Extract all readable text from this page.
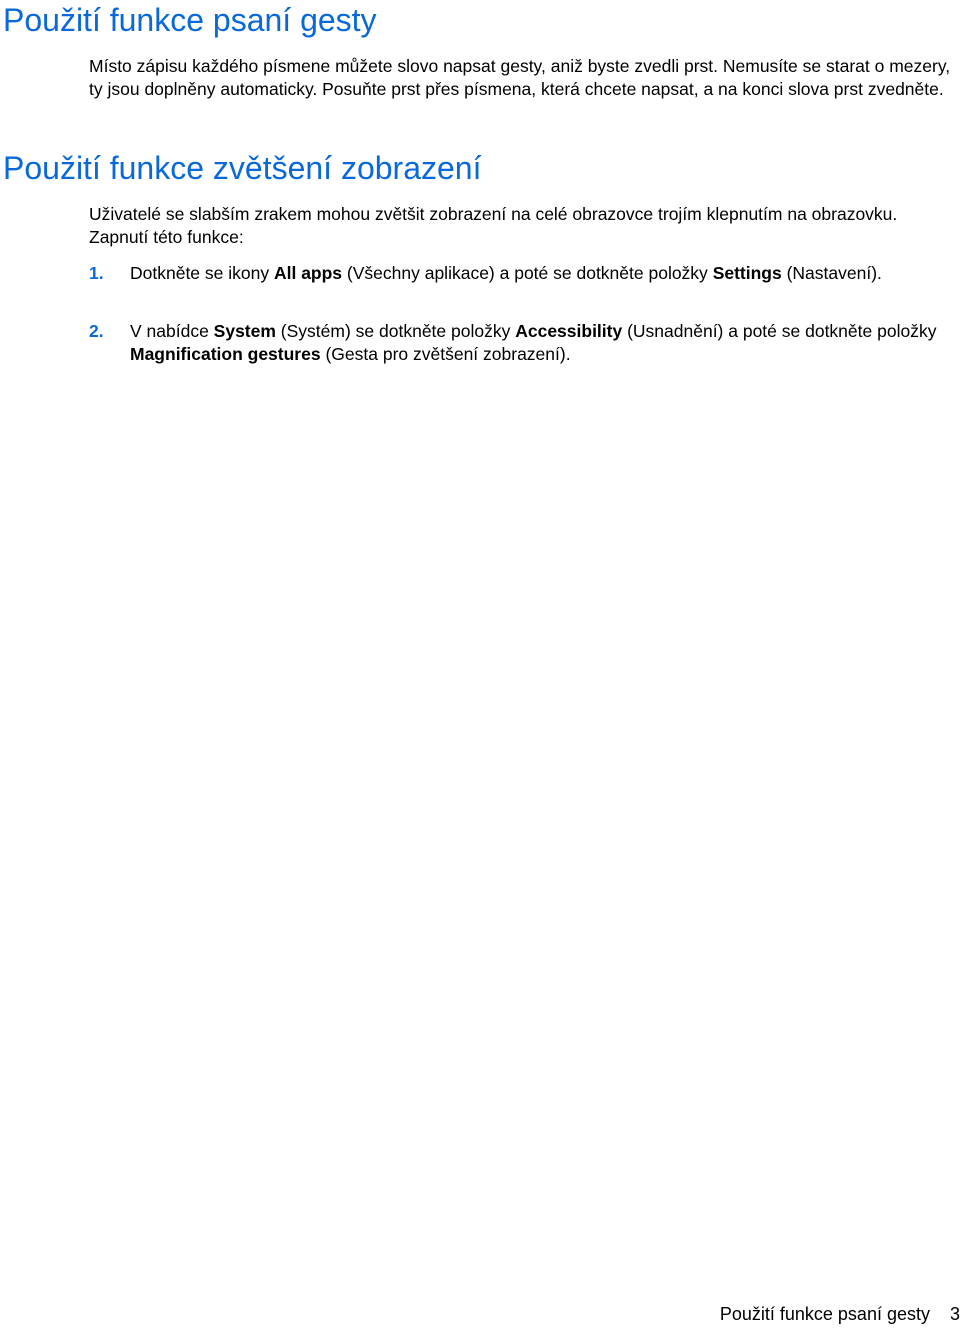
Použití funkce psaní gesty

Místo zápisu každého písmene můžete slovo napsat gesty, aniž byste zvedli prst. Nemusíte se starat o mezery, ty jsou doplněny automaticky. Posuňte prst přes písmena, která chcete napsat, a na konci slova prst zvedněte.

Použití funkce zvětšení zobrazení

Uživatelé se slabším zrakem mohou zvětšit zobrazení na celé obrazovce trojím klepnutím na obrazovku. Zapnutí této funkce:

1. Dotkněte se ikony All apps (Všechny aplikace) a poté se dotkněte položky Settings (Nastavení).
2. V nabídce System (Systém) se dotkněte položky Accessibility (Usnadnění) a poté se dotkněte položky Magnification gestures (Gesta pro zvětšení zobrazení).
Použití funkce psaní gesty 3
